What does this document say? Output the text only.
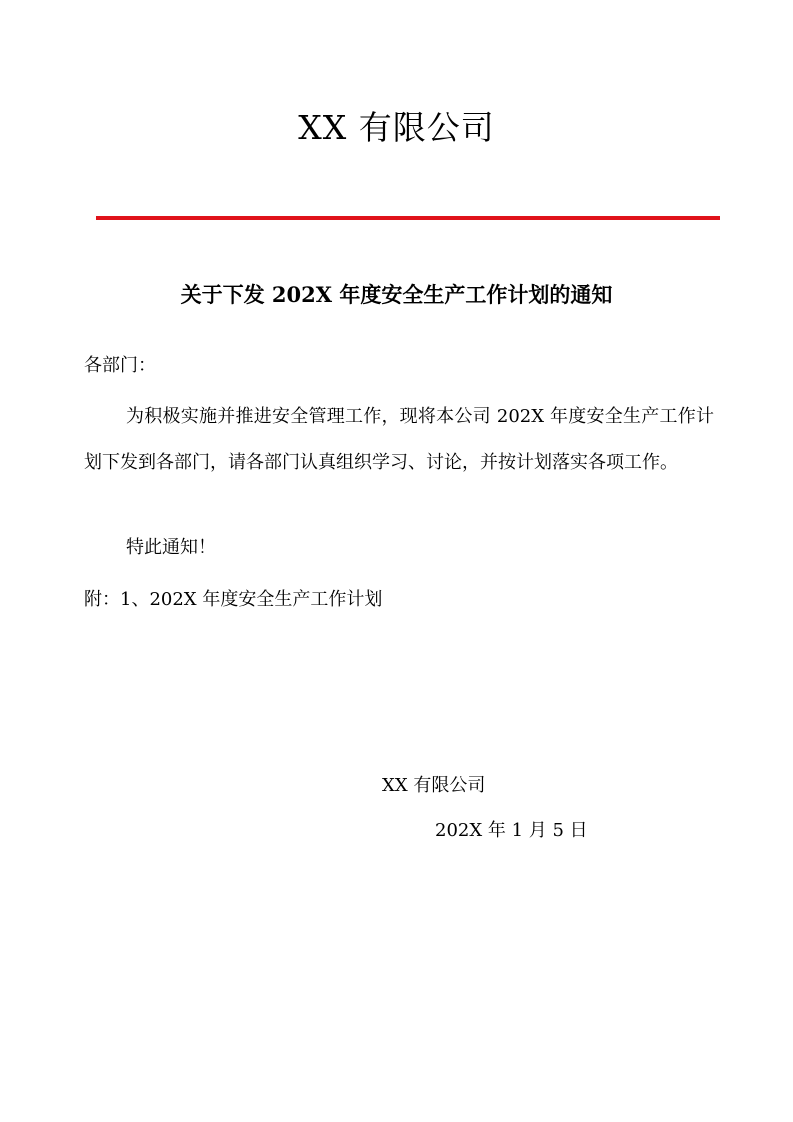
XX 有限公司
关于下发 202X 年度安全生产工作计划的通知
各部门：
为积极实施并推进安全管理工作，现将本公司 202X 年度安全生产工作计划下发到各部门，请各部门认真组织学习、讨论，并按计划落实各项工作。
特此通知！
附：1、202X 年度安全生产工作计划
XX 有限公司
202X 年 1 月 5 日
